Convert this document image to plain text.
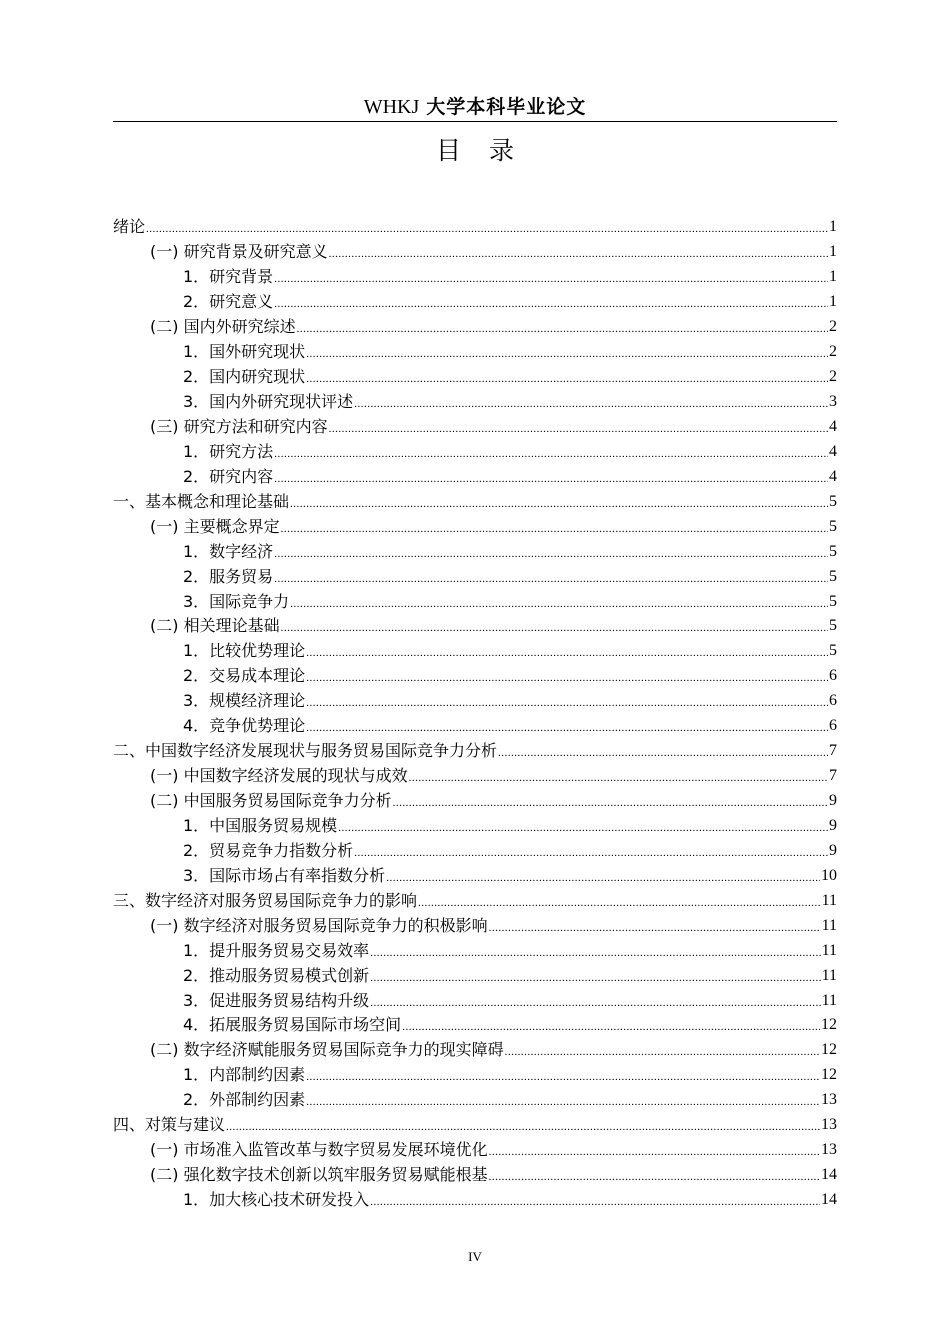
WHKJ 大学本科毕业论文
目录
绪论 .....	1
(一) 研究背景及研究意义 .....	1
1．研究背景 .....	1
2．研究意义 .....	1
(二) 国内外研究综述 .....	2
1．国外研究现状 .....	2
2．国内研究现状 .....	2
3．国内外研究现状评述 .....	3
(三) 研究方法和研究内容 .....	4
1．研究方法 .....	4
2．研究内容 .....	4
一、基本概念和理论基础 .....	5
(一) 主要概念界定 .....	5
1．数字经济 .....	5
2．服务贸易 .....	5
3．国际竞争力 .....	5
(二) 相关理论基础 .....	5
1．比较优势理论 .....	5
2．交易成本理论 .....	6
3．规模经济理论 .....	6
4．竞争优势理论 .....	6
二、中国数字经济发展现状与服务贸易国际竞争力分析 .....	7
(一) 中国数字经济发展的现状与成效 .....	7
(二) 中国服务贸易国际竞争力分析 .....	9
1．中国服务贸易规模 .....	9
2．贸易竞争力指数分析 .....	9
3．国际市场占有率指数分析 .....	10
三、数字经济对服务贸易国际竞争力的影响 .....	11
(一) 数字经济对服务贸易国际竞争力的积极影响 .....	11
1．提升服务贸易交易效率 .....	11
2．推动服务贸易模式创新 .....	11
3．促进服务贸易结构升级 .....	11
4．拓展服务贸易国际市场空间 .....	12
(二) 数字经济赋能服务贸易国际竞争力的现实障碍 .....	12
1．内部制约因素 .....	12
2．外部制约因素 .....	13
四、对策与建议 .....	13
(一) 市场准入监管改革与数字贸易发展环境优化 .....	13
(二) 强化数字技术创新以筑牢服务贸易赋能根基 .....	14
1．加大核心技术研发投入 .....	14
IV
